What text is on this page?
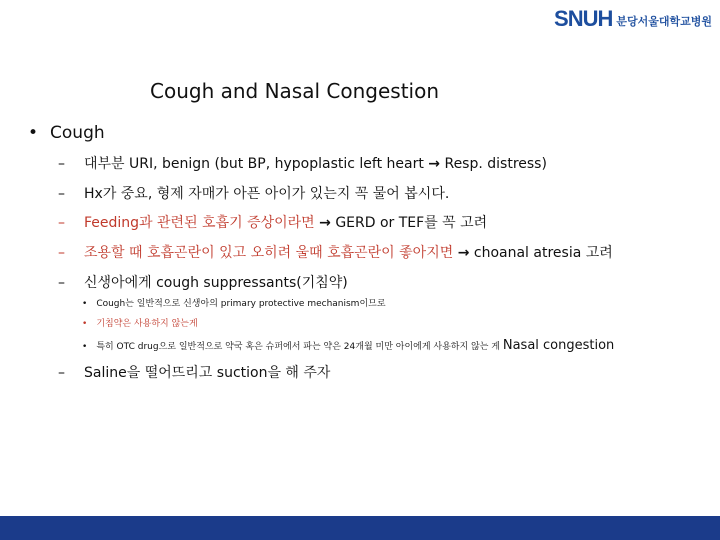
SNUH 분당서울대학교병원
Cough and Nasal Congestion
• Cough
– 대부분 URI, benign (but BP, hypoplastic left heart → Resp. distress)
– Hx가 중요, 형제 자매가 아픈 아이가 있는지 꼭 물어 봅시다.
– Feeding과 관련된 호흡기 증상이라면 → GERD or TEF를 꼭 고려
– 조용할 때 호흡곤란이 있고 오히려 울때 호흡곤란이 좋아지면 → choanal atresia 고려
– 신생아에게 cough suppressants(기침약)
• Cough는 일반적으로 신생아의 primary protective mechanism이므로
• 기침약은 사용하지 않는게
• 특히 OTC drug으로 일반적으로 약국 혹은 슈퍼에서 파는 약은 24개월 미만 아이에게 사용하지 않는 게 Nasal congestion
– Saline을 떨어뜨리고 suction을 해 주자
